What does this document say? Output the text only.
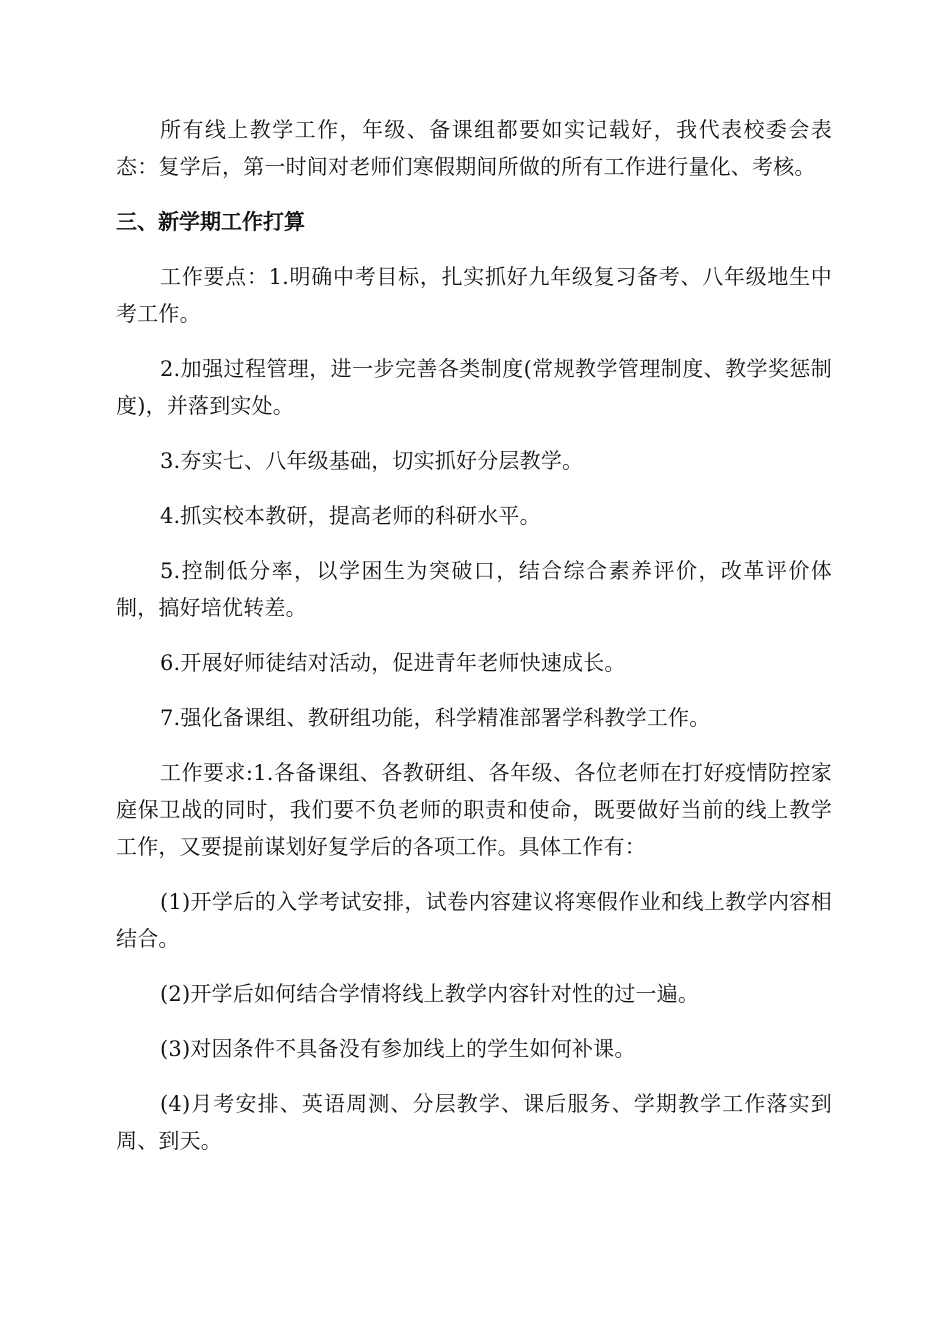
所有线上教学工作，年级、备课组都要如实记载好，我代表校委会表态：复学后，第一时间对老师们寒假期间所做的所有工作进行量化、考核。

三、新学期工作打算

工作要点：1.明确中考目标，扎实抓好九年级复习备考、八年级地生中考工作。

2.加强过程管理，进一步完善各类制度(常规教学管理制度、教学奖惩制度)，并落到实处。

3.夯实七、八年级基础，切实抓好分层教学。

4.抓实校本教研，提高老师的科研水平。

5.控制低分率，以学困生为突破口，结合综合素养评价，改革评价体制，搞好培优转差。

6.开展好师徒结对活动，促进青年老师快速成长。

7.强化备课组、教研组功能，科学精准部署学科教学工作。

工作要求:1.各备课组、各教研组、各年级、各位老师在打好疫情防控家庭保卫战的同时，我们要不负老师的职责和使命，既要做好当前的线上教学工作，又要提前谋划好复学后的各项工作。具体工作有：

(1)开学后的入学考试安排，试卷内容建议将寒假作业和线上教学内容相结合。

(2)开学后如何结合学情将线上教学内容针对性的过一遍。

(3)对因条件不具备没有参加线上的学生如何补课。

(4)月考安排、英语周测、分层教学、课后服务、学期教学工作落实到周、到天。
